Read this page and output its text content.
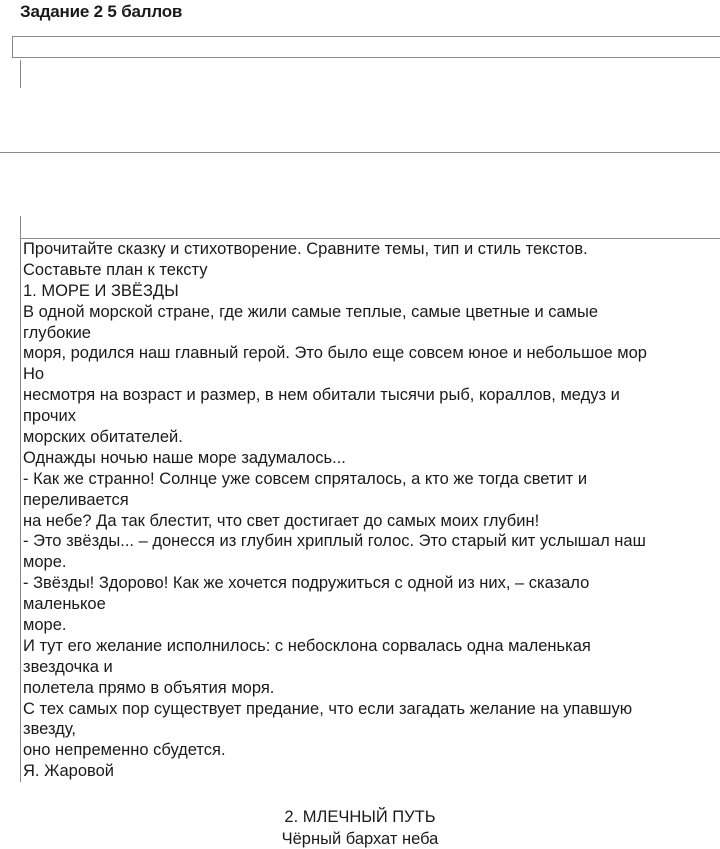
Задание 2 5 баллов
Прочитайте сказку и стихотворение. Сравните темы, тип и стиль текстов.
Составьте план к тексту
1. МОРЕ И ЗВЁЗДЫ
В одной морской стране, где жили самые теплые, самые цветные и самые
глубокие
моря, родился наш главный герой. Это было еще совсем юное и небольшое мор
Но
несмотря на возраст и размер, в нем обитали тысячи рыб, кораллов, медуз и
прочих
морских обитателей.
Однажды ночью наше море задумалось...
- Как же странно! Солнце уже совсем спряталось, а кто же тогда светит и
переливается
на небе? Да так блестит, что свет достигает до самых моих глубин!
- Это звёзды... – донесся из глубин хриплый голос. Это старый кит услышал наш
море.
- Звёзды! Здорово! Как же хочется подружиться с одной из них, – сказало
маленькое
море.
И тут его желание исполнилось: с небосклона сорвалась одна маленькая
звездочка и
полетела прямо в объятия моря.
С тех самых пор существует предание, что если загадать желание на упавшую
звезду,
оно непременно сбудется.
Я. Жаровой
2. МЛЕЧНЫЙ ПУТЬ
Чёрный бархат неба
